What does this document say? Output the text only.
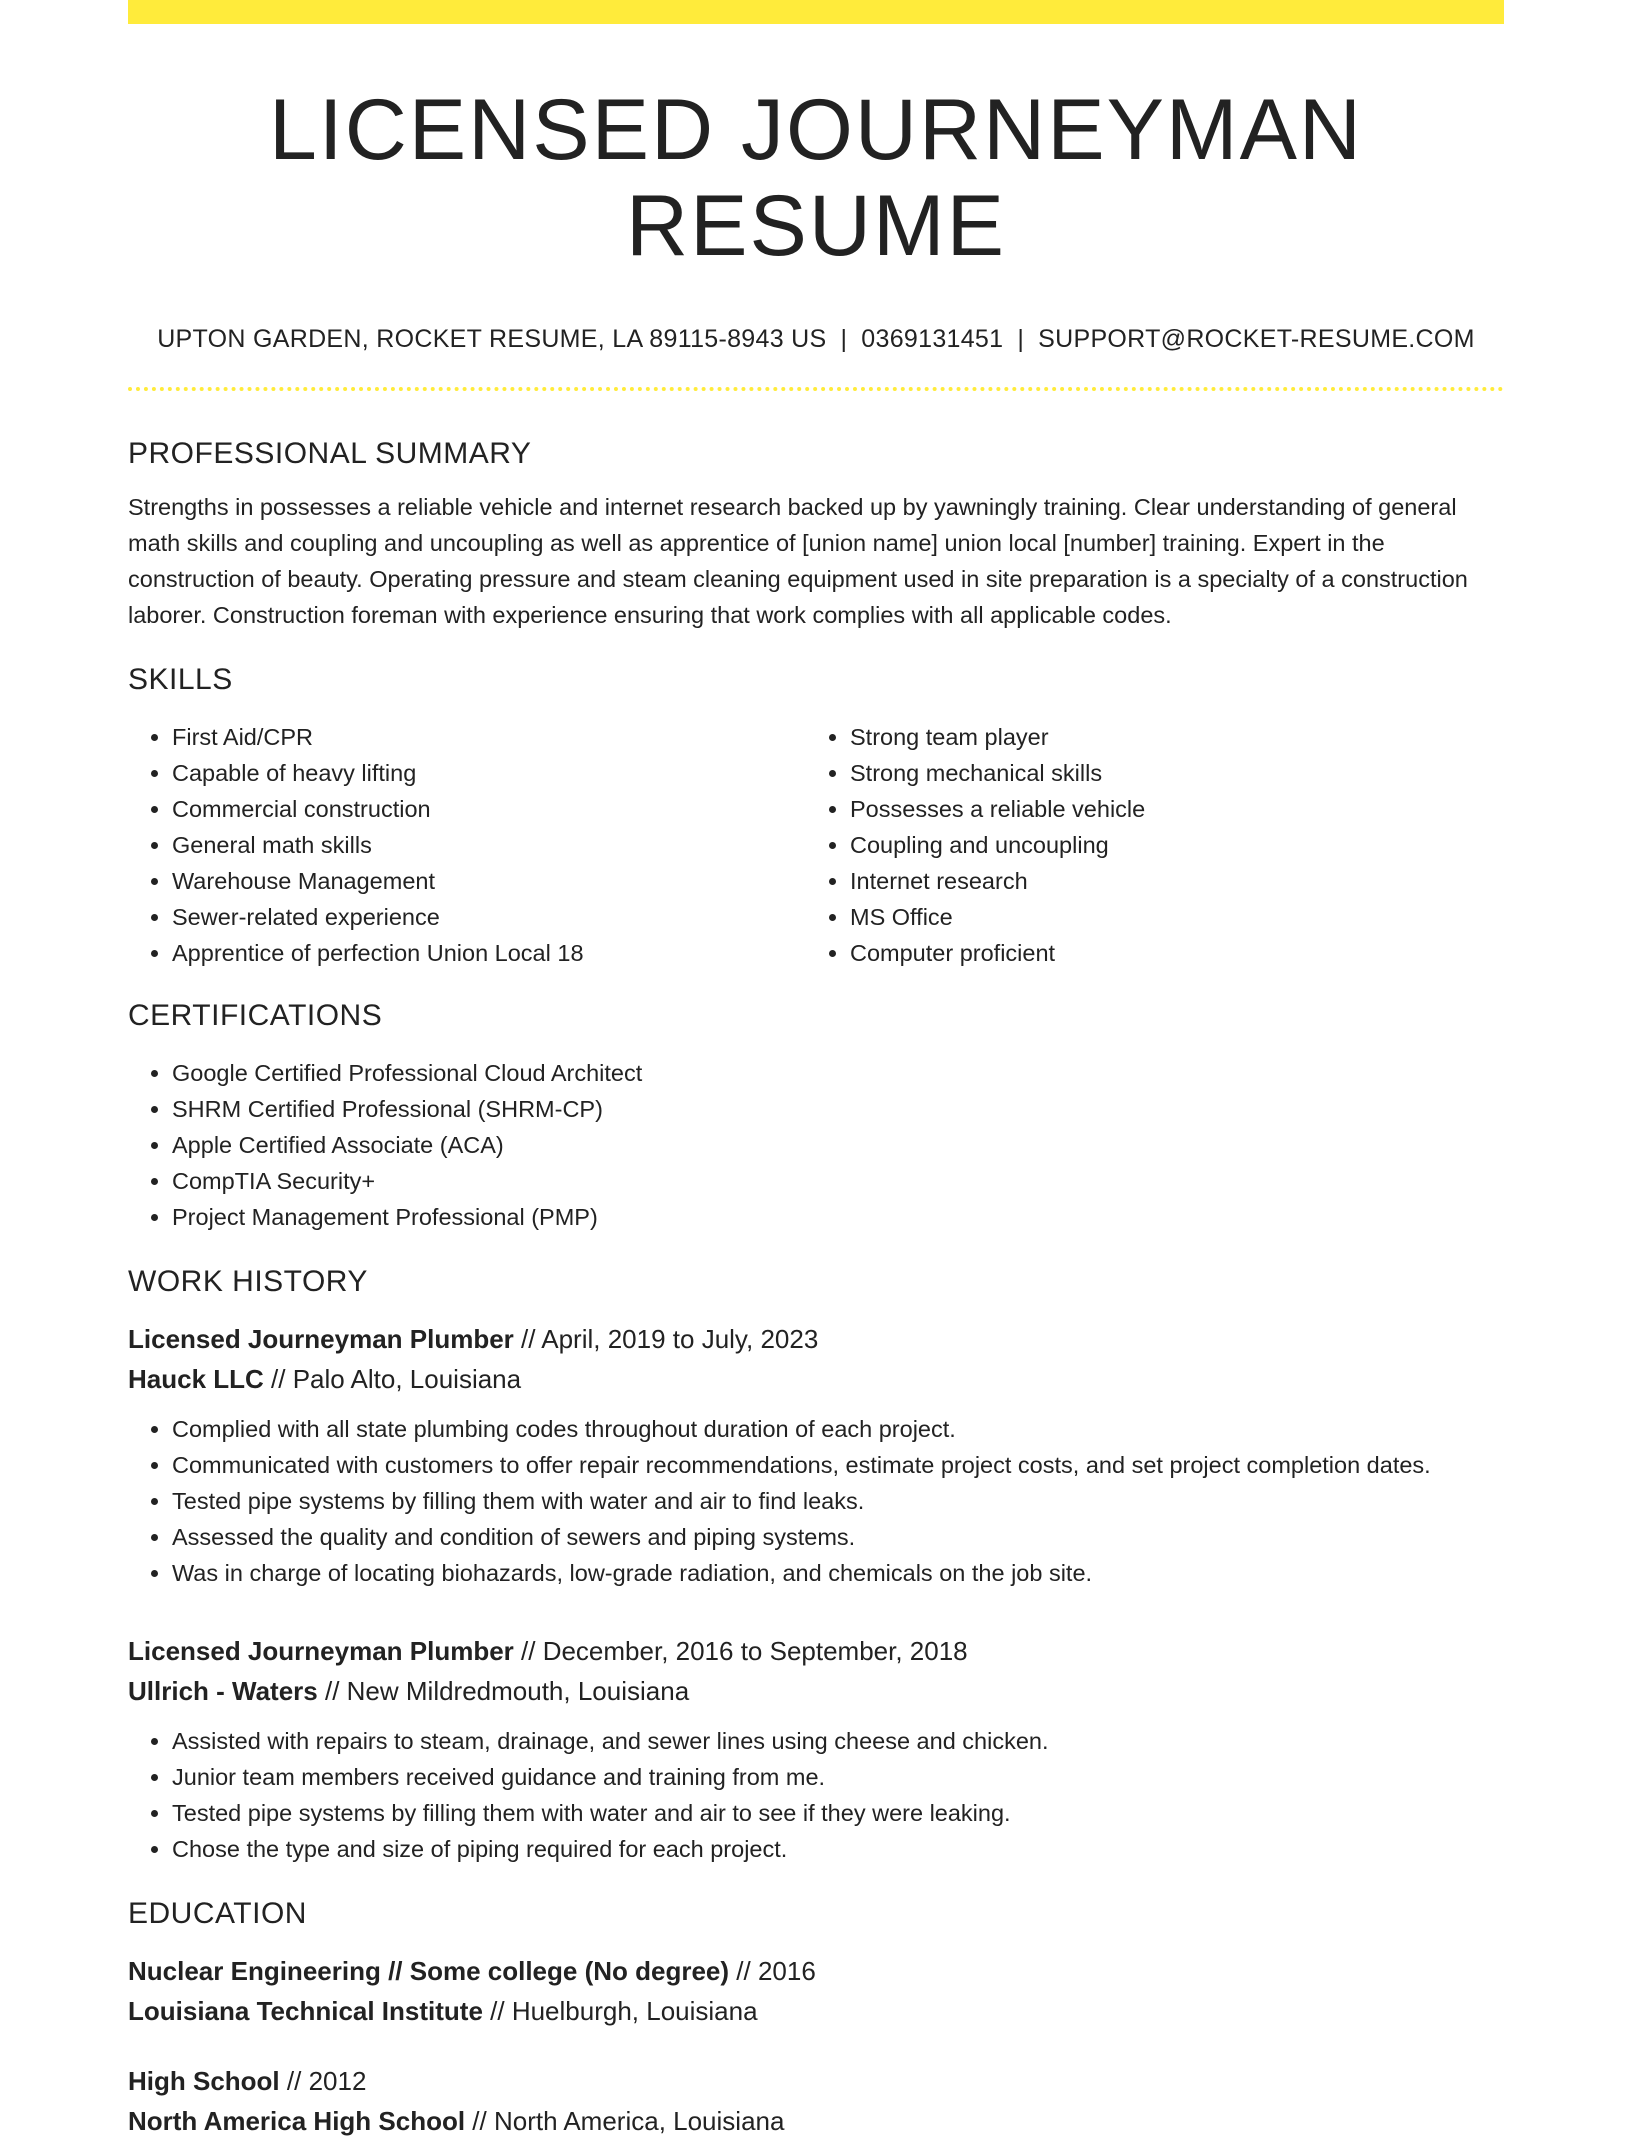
LICENSED JOURNEYMAN RESUME
UPTON GARDEN, ROCKET RESUME, LA 89115-8943 US | 0369131451 | SUPPORT@ROCKET-RESUME.COM
PROFESSIONAL SUMMARY
Strengths in possesses a reliable vehicle and internet research backed up by yawningly training. Clear understanding of general math skills and coupling and uncoupling as well as apprentice of [union name] union local [number] training. Expert in the construction of beauty. Operating pressure and steam cleaning equipment used in site preparation is a specialty of a construction laborer. Construction foreman with experience ensuring that work complies with all applicable codes.
SKILLS
• First Aid/CPR
• Capable of heavy lifting
• Commercial construction
• General math skills
• Warehouse Management
• Sewer-related experience
• Apprentice of perfection Union Local 18
• Strong team player
• Strong mechanical skills
• Possesses a reliable vehicle
• Coupling and uncoupling
• Internet research
• MS Office
• Computer proficient
CERTIFICATIONS
• Google Certified Professional Cloud Architect
• SHRM Certified Professional (SHRM-CP)
• Apple Certified Associate (ACA)
• CompTIA Security+
• Project Management Professional (PMP)
WORK HISTORY
Licensed Journeyman Plumber // April, 2019 to July, 2023
Hauck LLC // Palo Alto, Louisiana
• Complied with all state plumbing codes throughout duration of each project.
• Communicated with customers to offer repair recommendations, estimate project costs, and set project completion dates.
• Tested pipe systems by filling them with water and air to find leaks.
• Assessed the quality and condition of sewers and piping systems.
• Was in charge of locating biohazards, low-grade radiation, and chemicals on the job site.
Licensed Journeyman Plumber // December, 2016 to September, 2018
Ullrich - Waters // New Mildredmouth, Louisiana
• Assisted with repairs to steam, drainage, and sewer lines using cheese and chicken.
• Junior team members received guidance and training from me.
• Tested pipe systems by filling them with water and air to see if they were leaking.
• Chose the type and size of piping required for each project.
EDUCATION
Nuclear Engineering // Some college (No degree) // 2016
Louisiana Technical Institute // Huelburgh, Louisiana
High School // 2012
North America High School // North America, Louisiana
